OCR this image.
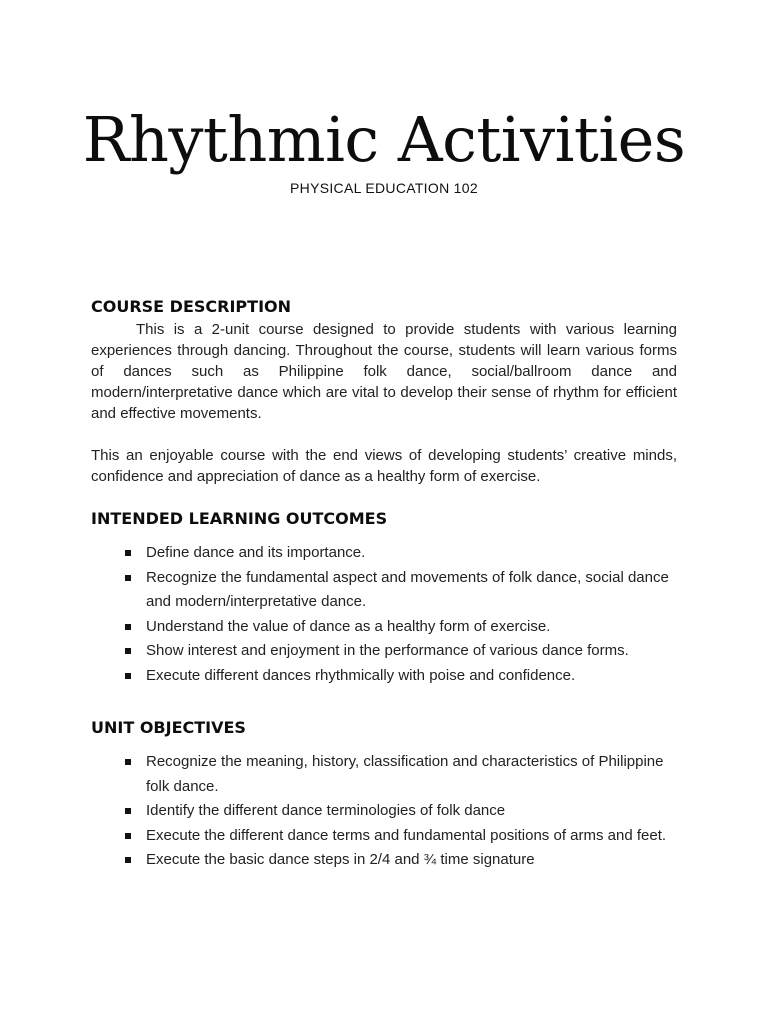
Rhythmic Activities
PHYSICAL EDUCATION 102
COURSE DESCRIPTION

This is a 2-unit course designed to provide students with various learning experiences through dancing. Throughout the course, students will learn various forms of dances such as Philippine folk dance, social/ballroom dance and modern/interpretative dance which are vital to develop their sense of rhythm for efficient and effective movements.

This an enjoyable course with the end views of developing students’ creative minds, confidence and appreciation of dance as a healthy form of exercise.

INTENDED LEARNING OUTCOMES
Define dance and its importance.
Recognize the fundamental aspect and movements of folk dance, social dance and modern/interpretative dance.
Understand the value of dance as a healthy form of exercise.
Show interest and enjoyment in the performance of various dance forms.
Execute different dances rhythmically with poise and confidence.
UNIT OBJECTIVES
Recognize the meaning, history, classification and characteristics of Philippine folk dance.
Identify the different dance terminologies of folk dance
Execute the different dance terms and fundamental positions of arms and feet.
Execute the basic dance steps in 2/4 and ¾ time signature
